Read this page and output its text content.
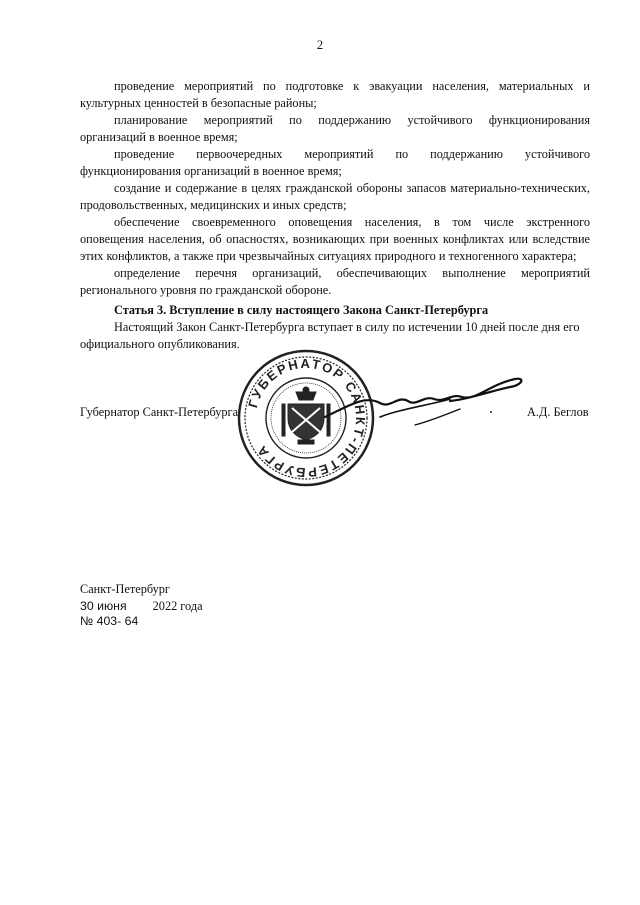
2

проведение мероприятий по подготовке к эвакуации населения, материальных и культурных ценностей в безопасные районы;

планирование мероприятий по поддержанию устойчивого функционирования организаций в военное время;

проведение первоочередных мероприятий по поддержанию устойчивого функционирования организаций в военное время;

создание и содержание в целях гражданской обороны запасов материально-технических, продовольственных, медицинских и иных средств;

обеспечение своевременного оповещения населения, в том числе экстренного оповещения населения, об опасностях, возникающих при военных конфликтах или вследствие этих конфликтов, а также при чрезвычайных ситуациях природного и техногенного характера;

определение перечня организаций, обеспечивающих выполнение мероприятий регионального уровня по гражданской обороне.

Статья 3. Вступление в силу настоящего Закона Санкт-Петербурга

Настоящий Закон Санкт-Петербурга вступает в силу по истечении 10 дней после дня его официального опубликования.

Губернатор Санкт-Петербурга	А.Д. Беглов
ГУБЕРНАТОР САНКТ-ПЕТЕРБУРГА
Санкт-Петербург
30 июня 2022 года
№ 403- 64
